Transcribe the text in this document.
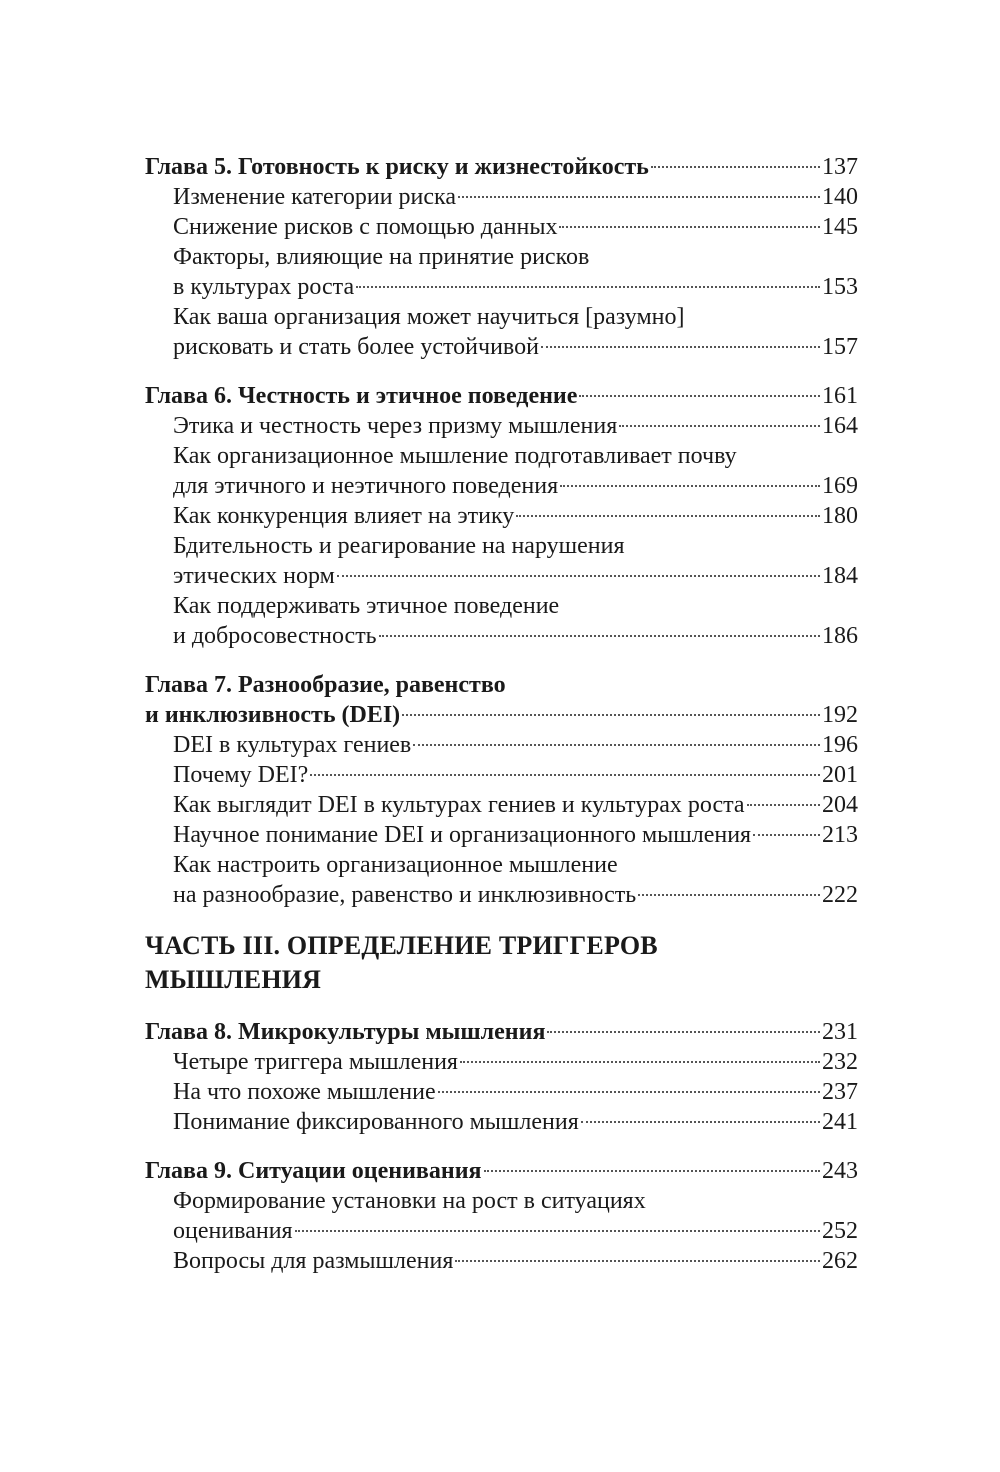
Глава 5. Готовность к риску и жизнестойкость	137
Изменение категории риска	140
Снижение рисков с помощью данных	145
Факторы, влияющие на принятие рисков
в культурах роста	153
Как ваша организация может научиться [разумно]
рисковать и стать более устойчивой	157
Глава 6. Честность и этичное поведение	161
Этика и честность через призму мышления	164
Как организационное мышление подготавливает почву
для этичного и неэтичного поведения	169
Как конкуренция влияет на этику	180
Бдительность и реагирование на нарушения
этических норм	184
Как поддерживать этичное поведение
и добросовестность	186
Глава 7. Разнообразие, равенство
и инклюзивность (DEI)	192
DEI в культурах гениев	196
Почему DEI?	201
Как выглядит DEI в культурах гениев и культурах роста	204
Научное понимание DEI и организационного мышления	213
Как настроить организационное мышление
на разнообразие, равенство и инклюзивность	222
ЧАСТЬ III. ОПРЕДЕЛЕНИЕ ТРИГГЕРОВ
МЫШЛЕНИЯ
Глава 8. Микрокультуры мышления	231
Четыре триггера мышления	232
На что похоже мышление	237
Понимание фиксированного мышления	241
Глава 9. Ситуации оценивания	243
Формирование установки на рост в ситуациях
оценивания	252
Вопросы для размышления	262
